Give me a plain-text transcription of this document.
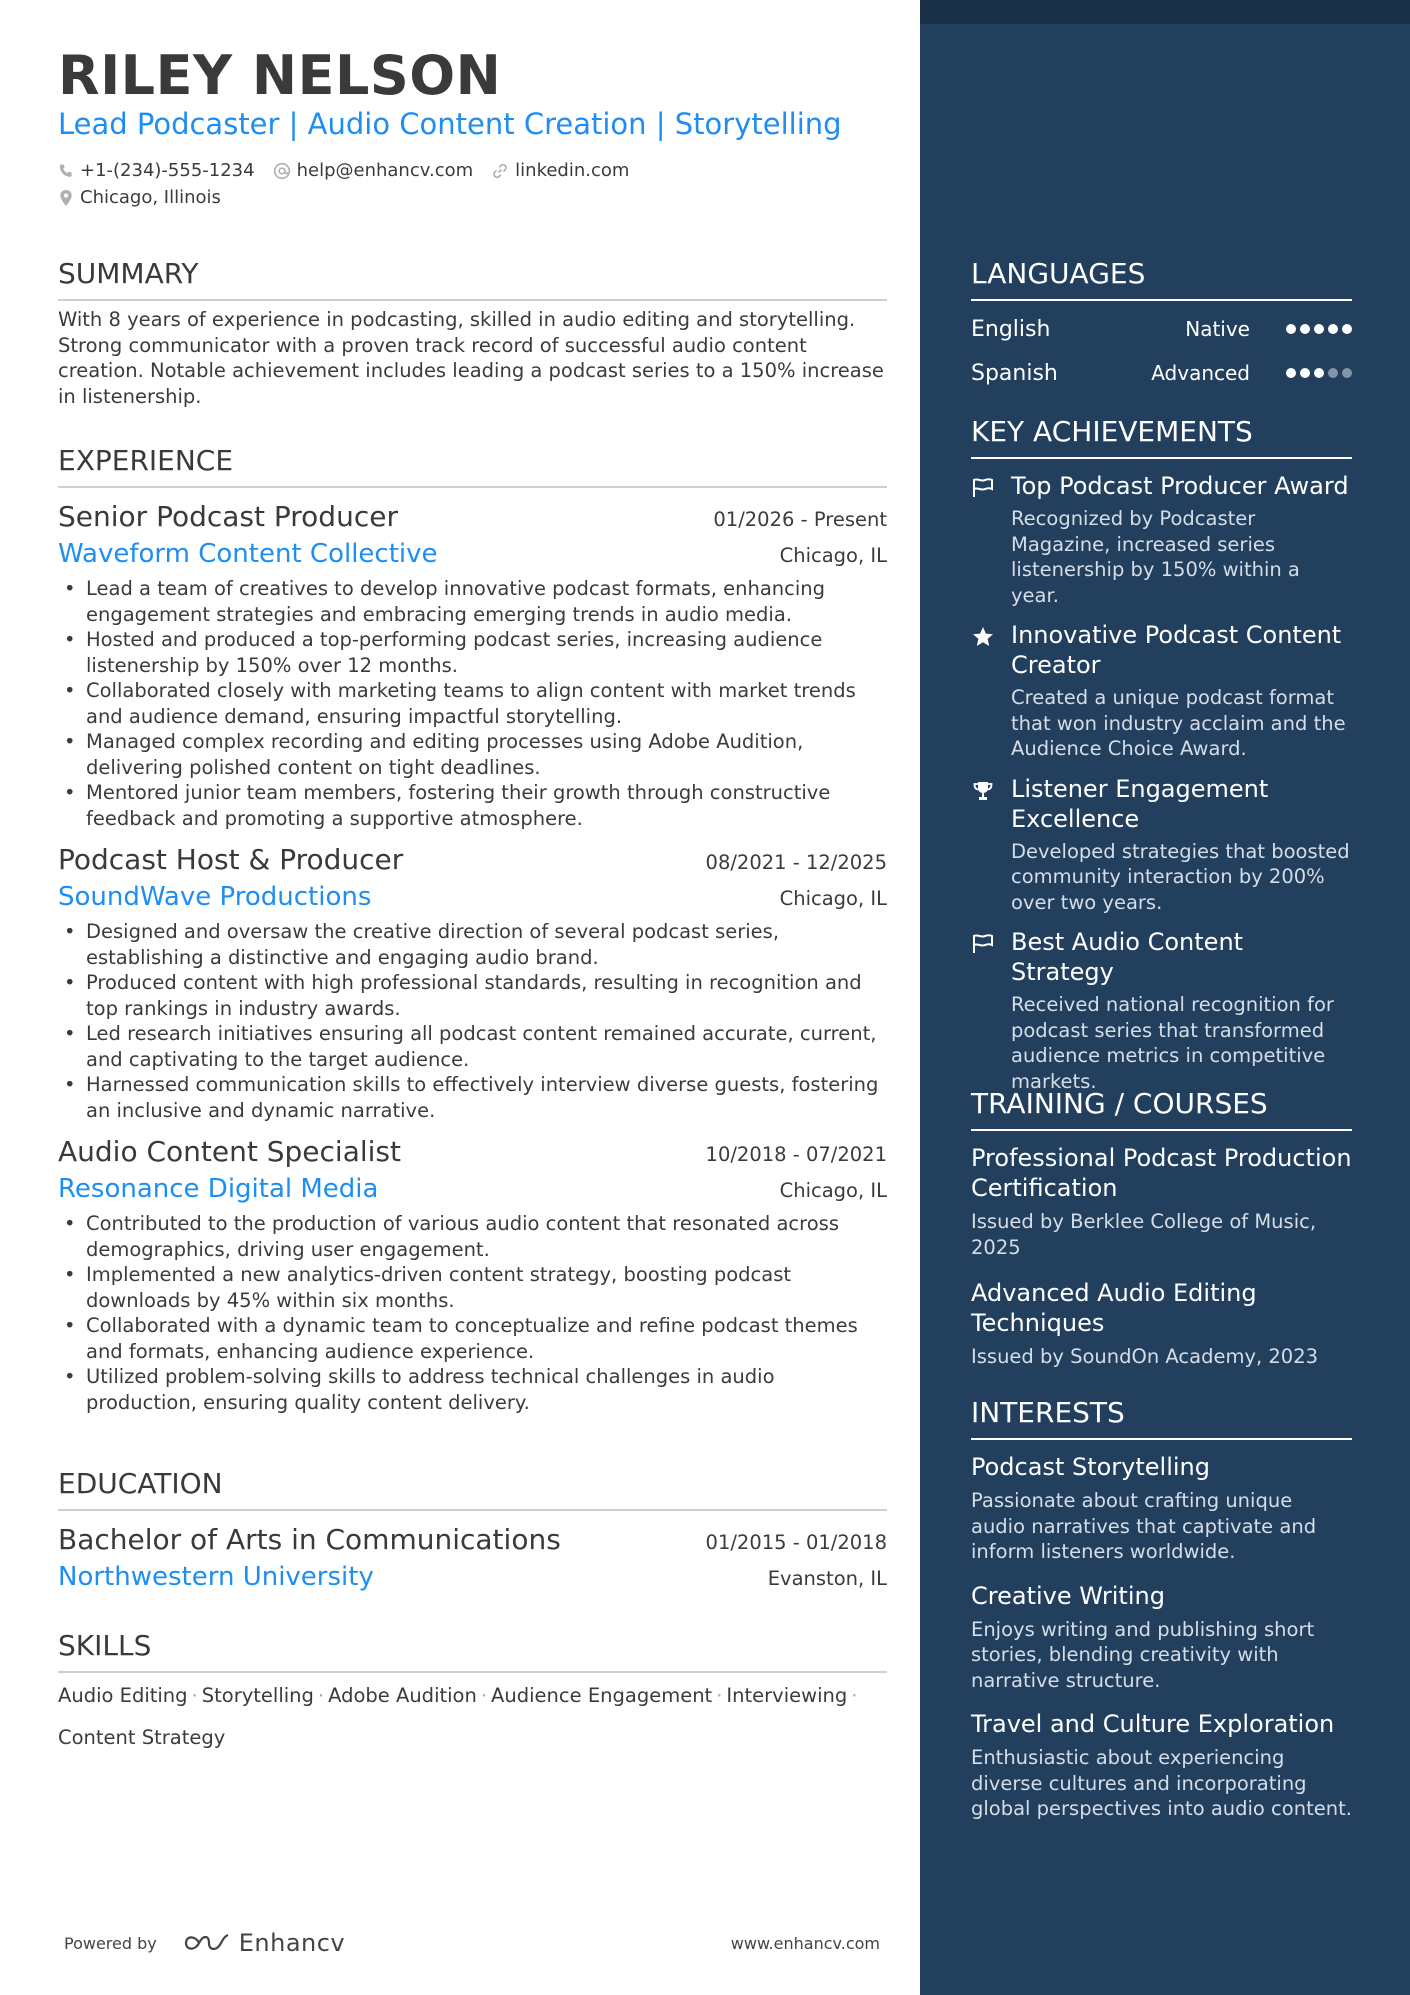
RILEY NELSON
Lead Podcaster | Audio Content Creation | Storytelling
+1-(234)-555-1234 help@enhancv.com linkedin.com
Chicago, Illinois
SUMMARY
With 8 years of experience in podcasting, skilled in audio editing and storytelling. Strong communicator with a proven track record of successful audio content creation. Notable achievement includes leading a podcast series to a 150% increase in listenership.
EXPERIENCE
Senior Podcast Producer	01/2026 - Present
Waveform Content Collective	Chicago, IL
• Lead a team of creatives to develop innovative podcast formats, enhancing engagement strategies and embracing emerging trends in audio media.
• Hosted and produced a top-performing podcast series, increasing audience listenership by 150% over 12 months.
• Collaborated closely with marketing teams to align content with market trends and audience demand, ensuring impactful storytelling.
• Managed complex recording and editing processes using Adobe Audition, delivering polished content on tight deadlines.
• Mentored junior team members, fostering their growth through constructive feedback and promoting a supportive atmosphere.
Podcast Host & Producer	08/2021 - 12/2025
SoundWave Productions	Chicago, IL
• Designed and oversaw the creative direction of several podcast series, establishing a distinctive and engaging audio brand.
• Produced content with high professional standards, resulting in recognition and top rankings in industry awards.
• Led research initiatives ensuring all podcast content remained accurate, current, and captivating to the target audience.
• Harnessed communication skills to effectively interview diverse guests, fostering an inclusive and dynamic narrative.
Audio Content Specialist	10/2018 - 07/2021
Resonance Digital Media	Chicago, IL
• Contributed to the production of various audio content that resonated across demographics, driving user engagement.
• Implemented a new analytics-driven content strategy, boosting podcast downloads by 45% within six months.
• Collaborated with a dynamic team to conceptualize and refine podcast themes and formats, enhancing audience experience.
• Utilized problem-solving skills to address technical challenges in audio production, ensuring quality content delivery.
EDUCATION
Bachelor of Arts in Communications	01/2015 - 01/2018
Northwestern University	Evanston, IL
SKILLS
Audio Editing · Storytelling · Adobe Audition · Audience Engagement · Interviewing ·
Content Strategy
Powered by	Enhancv	www.enhancv.com
LANGUAGES
English	Native
Spanish	Advanced
KEY ACHIEVEMENTS
Top Podcast Producer Award
Recognized by Podcaster Magazine, increased series listenership by 150% within a year.
Innovative Podcast Content Creator
Created a unique podcast format that won industry acclaim and the Audience Choice Award.
Listener Engagement Excellence
Developed strategies that boosted community interaction by 200% over two years.
Best Audio Content Strategy
Received national recognition for podcast series that transformed audience metrics in competitive markets.
TRAINING / COURSES
Professional Podcast Production Certification
Issued by Berklee College of Music, 2025
Advanced Audio Editing Techniques
Issued by SoundOn Academy, 2023
INTERESTS
Podcast Storytelling
Passionate about crafting unique audio narratives that captivate and inform listeners worldwide.
Creative Writing
Enjoys writing and publishing short stories, blending creativity with narrative structure.
Travel and Culture Exploration
Enthusiastic about experiencing diverse cultures and incorporating global perspectives into audio content.
